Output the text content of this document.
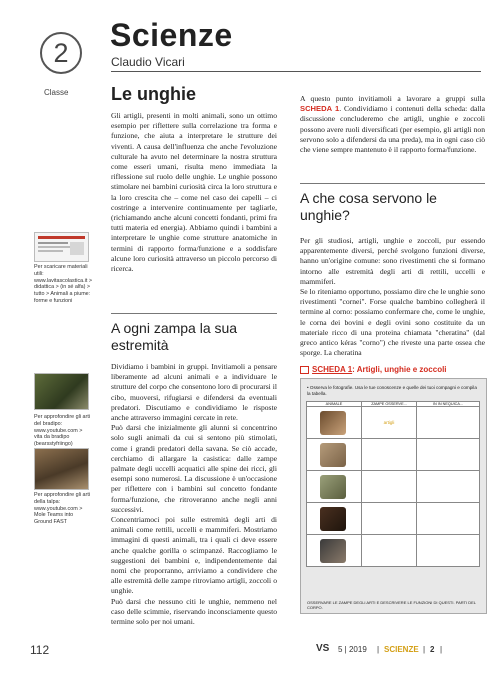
2
Classe
Scienze
Claudio Vicari
Le unghie
Per scaricare materiali utili: www.lavitascolastica.it > didattica > (in sé alfa) > tutto > Animali a piume: forme e funzioni
Per approfondire gli arti del bradipo: www.youtube.com > vita da bradipo (bearsstyfriingo)
Per approfondire gli arti della talpa: www.youtube.com > Mole Teams into Ground FAST

Gli artigli, presenti in molti animali, sono un ottimo esempio per riflettere sulla correlazione tra forma e funzione, che aiuta a interpretare le strutture dei viventi. A causa dell'influenza che anche l'evoluzione culturale ha avuto nel determinare la nostra struttura come esseri umani, risulta meno immediata la riflessione sul ruolo delle unghie. Le unghie possono stimolare nei bambini curiosità circa la loro struttura e la loro crescita che – come nel caso dei capelli – ci costringe a intervenire continuamente per tagliarle, (richiamando anche alcuni concetti fondanti, primi fra tutti materia ed energia). Abbiamo quindi i bambini a interpretare le unghie come strutture anatomiche in termini di rapporto forma/funzione e a soddisfare alcune loro curiosità attraverso un piccolo percorso di ricerca.

A ogni zampa la sua estremità

Dividiamo i bambini in gruppi. Invitiamoli a pensare liberamente ad alcuni animali e a individuare le strutture del corpo che consentono loro di procurarsi il cibo, muoversi, rifugiarsi e difendersi da eventuali predatori. Discutiamo e condividiamo le risposte anche attraverso immagini cercate in rete.

Può darsi che inizialmente gli alunni si concentrino solo sugli animali da cui si sentono più stimolati, come i grandi predatori della savana. Se ciò accade, cerchiamo di allargare la casistica: dalle zampe palmate degli uccelli acquatici alle spine dei ricci, gli esempi sono numerosi. La discussione è un'occasione per riflettere con i bambini sul concetto fondante forma/funzione, che ritroveranno anche negli anni successivi.

Concentriamoci poi sulle estremità degli arti di animali come rettili, uccelli e mammiferi. Mostriamo immagini di questi animali, tra i quali ci deve essere anche qualche gorilla o scimpanzé. Raccogliamo le suggestioni dei bambini e, indipendentemente dai nomi che proporranno, arriviamo a condividere che alle estremità delle zampe ritroviamo artigli, zoccoli o unghie.

Può darsi che nessuno citi le unghie, nemmeno nel caso delle scimmie, riservando inconsciamente questo termine solo per noi umani.

A questo punto invitiamoli a lavorare a gruppi sulla SCHEDA 1. Condividiamo i contenuti della scheda: dalla discussione concluderemo che artigli, unghie e zoccoli possono avere ruoli diversificati (per esempio, gli artigli non servono solo a difendersi da una preda), ma in ogni caso ciò che viene sempre mantenuto è il rapporto forma/funzione.

A che cosa servono le unghie?

Per gli studiosi, artigli, unghie e zoccoli, pur essendo apparentemente diversi, perché svolgono funzioni diverse, hanno un'origine comune: sono rivestimenti che si formano intorno alle estremità degli arti di rettili, uccelli e mammiferi.

Se lo riteniamo opportuno, possiamo dire che le unghie sono rivestimenti "cornei". Forse qualche bambino collegherà il termine al corno: possiamo confermare che, come le unghie, le corna dei bovini e degli ovini sono costituite da un materiale ricco di una proteina chiamata "cheratina" (dal greco antico kéras "corno") che riveste una parte ossea che sporge. La cheratina

SCHEDA 1: Artigli, unghie e zoccoli
• Osserva le fotografie. Usa le tue conoscenze e quelle dei tuoi compagni e compila la tabella.
ANIMALE	ZAMPE OSSERVE...	IN IN NEQUICA...

	artigli	

OSSERVARE LE ZAMPE DEGLI ARTI E DESCRIVERE LE FUNZIONI DI QUESTI. PARTI DEL CORPO.
112	VS 5 | 2019 | SCIENZE | 2 |
